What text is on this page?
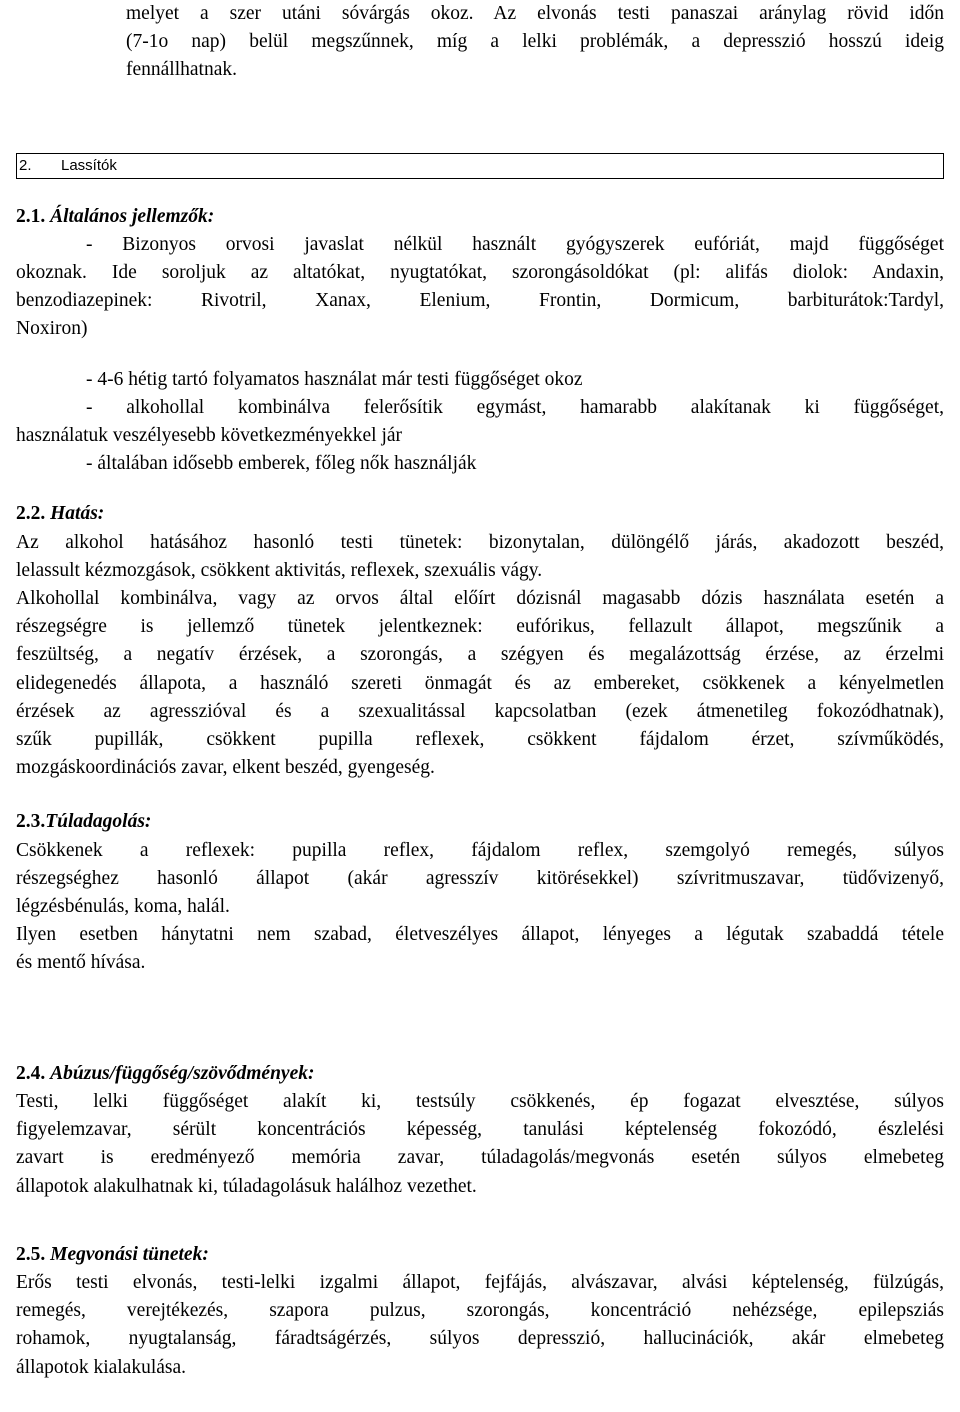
melyet a szer utáni sóvárgás okoz. Az elvonás testi panaszai aránylag rövid időn

(7-1o nap) belül megszűnnek, míg a lelki problémák, a depresszió hosszú ideig

fennállhatnak.

2. Lassítók

2.1. Általános jellemzők:

- Bizonyos orvosi javaslat nélkül használt gyógyszerek eufóriát, majd függőséget

okoznak. Ide soroljuk az altatókat, nyugtatókat, szorongásoldókat (pl: alifás diolok: Andaxin,

benzodiazepinek: Rivotril, Xanax, Elenium, Frontin, Dormicum, barbiturátok:Tardyl,

Noxiron)

- 4-6 hétig tartó folyamatos használat már testi függőséget okoz

- alkohollal kombinálva felerősítik egymást, hamarabb alakítanak ki függőséget,

használatuk veszélyesebb következményekkel jár

- általában idősebb emberek, főleg nők használják

2.2. Hatás:

Az alkohol hatásához hasonló testi tünetek: bizonytalan, dülöngélő járás, akadozott beszéd,

lelassult kézmozgások, csökkent aktivitás, reflexek, szexuális vágy.

Alkohollal kombinálva, vagy az orvos által előírt dózisnál magasabb dózis használata esetén a

részegségre is jellemző tünetek jelentkeznek: eufórikus, fellazult állapot, megszűnik a

feszültség, a negatív érzések, a szorongás, a szégyen és megalázottság érzése, az érzelmi

elidegenedés állapota, a használó szereti önmagát és az embereket, csökkenek a kényelmetlen

érzések az agresszióval és a szexualitással kapcsolatban (ezek átmenetileg fokozódhatnak),

szűk pupillák, csökkent pupilla reflexek, csökkent fájdalom érzet, szívműködés,

mozgáskoordinációs zavar, elkent beszéd, gyengeség.

2.3.Túladagolás:

Csökkenek a reflexek: pupilla reflex, fájdalom reflex, szemgolyó remegés, súlyos

részegséghez hasonló állapot (akár agresszív kitörésekkel) szívritmuszavar, tüdővizenyő,

légzésbénulás, koma, halál.

Ilyen esetben hánytatni nem szabad, életveszélyes állapot, lényeges a légutak szabaddá tétele

és mentő hívása.

2.4. Abúzus/függőség/szövődmények:

Testi, lelki függőséget alakít ki, testsúly csökkenés, ép fogazat elvesztése, súlyos

figyelemzavar, sérült koncentrációs képesség, tanulási képtelenség fokozódó, észlelési

zavart is eredményező memória zavar, túladagolás/megvonás esetén súlyos elmebeteg

állapotok alakulhatnak ki, túladagolásuk halálhoz vezethet.

2.5. Megvonási tünetek:

Erős testi elvonás, testi-lelki izgalmi állapot, fejfájás, alvászavar, alvási képtelenség, fülzúgás,

remegés, verejtékezés, szapora pulzus, szorongás, koncentráció nehézsége, epilepsziás

rohamok, nyugtalanság, fáradtságérzés, súlyos depresszió, hallucinációk, akár elmebeteg

állapotok kialakulása.
